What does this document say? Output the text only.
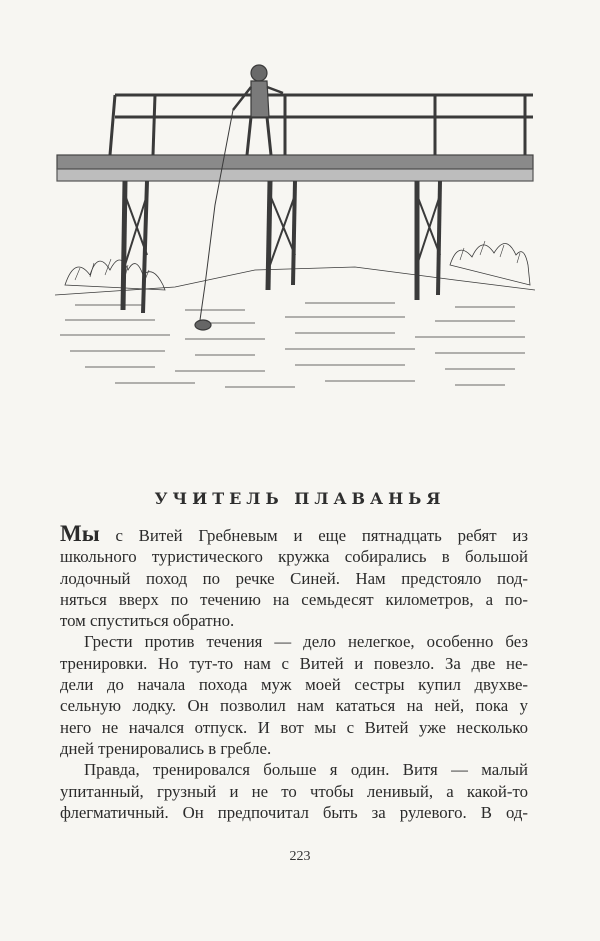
УЧИТЕЛЬ ПЛАВАНЬЯ
Мы с Витей Гребневым и еще пятнадцать ребят из
школьного туристического кружка собирались в большой
лодочный поход по речке Синей. Нам предстояло под-
няться вверх по течению на семьдесят километров, а по-
том спуститься обратно.
Грести против течения — дело нелегкое, особенно без
тренировки. Но тут-то нам с Витей и повезло. За две не-
дели до начала похода муж моей сестры купил двухве-
сельную лодку. Он позволил нам кататься на ней, пока у
него не начался отпуск. И вот мы с Витей уже несколько
дней тренировались в гребле.
Правда, тренировался больше я один. Витя — малый
упитанный, грузный и не то чтобы ленивый, а какой-то
флегматичный. Он предпочитал быть за рулевого. В од-
223
